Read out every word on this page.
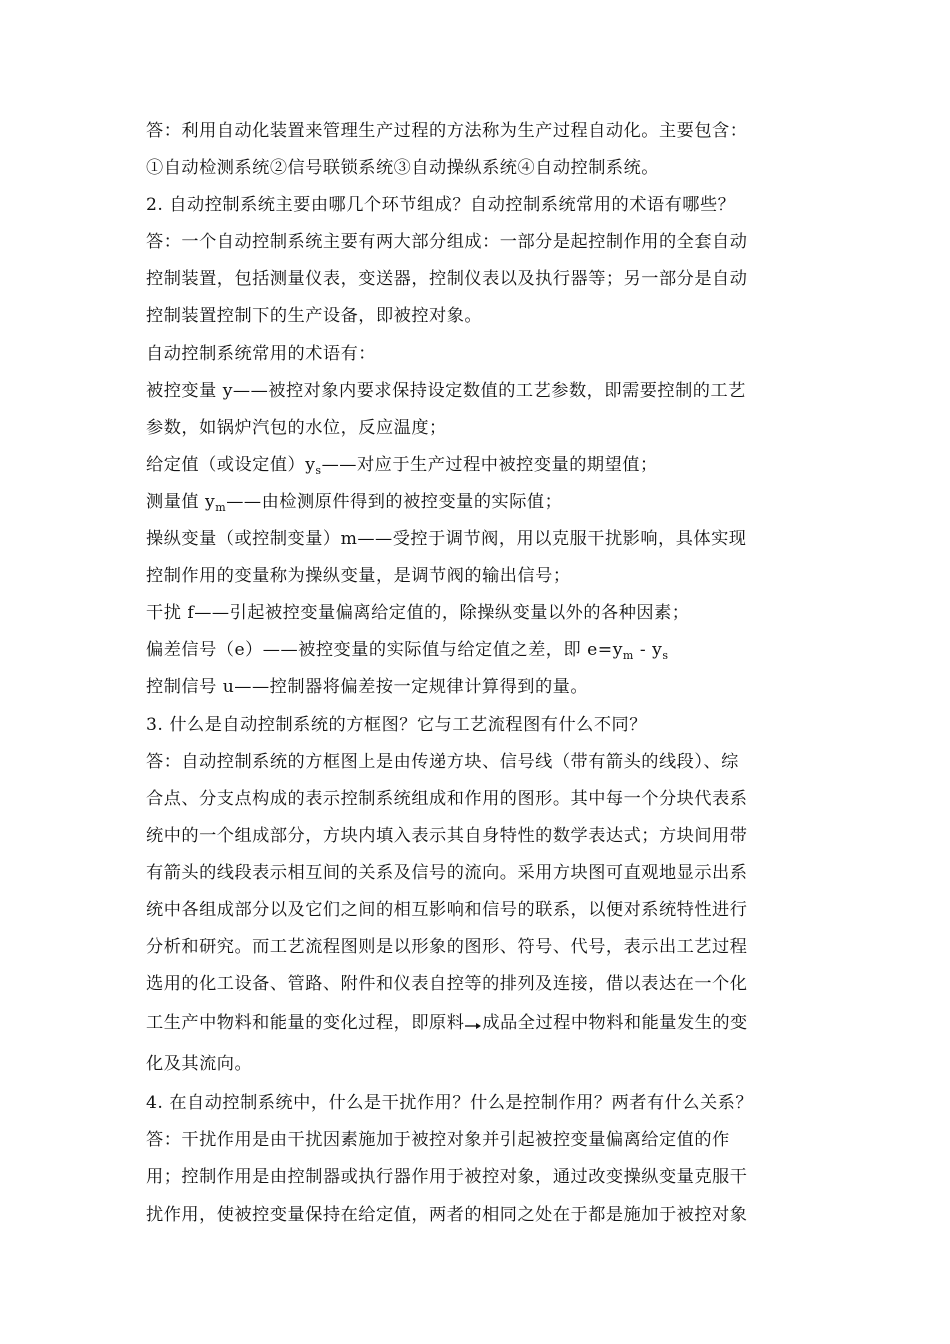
答：利用自动化装置来管理生产过程的方法称为生产过程自动化。主要包含：
①自动检测系统②信号联锁系统③自动操纵系统④自动控制系统。
2. 自动控制系统主要由哪几个环节组成？自动控制系统常用的术语有哪些？
答：一个自动控制系统主要有两大部分组成：一部分是起控制作用的全套自动
控制装置，包括测量仪表，变送器，控制仪表以及执行器等；另一部分是自动
控制装置控制下的生产设备，即被控对象。
自动控制系统常用的术语有：
被控变量 y——被控对象内要求保持设定数值的工艺参数，即需要控制的工艺
参数，如锅炉汽包的水位，反应温度；
给定值（或设定值）$y_s——$对应于生产过程中被控变量的期望值；
测量值 $y_m——$由检测原件得到的被控变量的实际值；
操纵变量（或控制变量）m——受控于调节阀，用以克服干扰影响，具体实现
控制作用的变量称为操纵变量，是调节阀的输出信号；
干扰 f——引起被控变量偏离给定值的，除操纵变量以外的各种因素；
偏差信号（e）——被控变量的实际值与给定值之差，即 $e=y_m - y_s$
控制信号 u——控制器将偏差按一定规律计算得到的量。
3. 什么是自动控制系统的方框图？它与工艺流程图有什么不同？
答：自动控制系统的方框图上是由传递方块、信号线（带有箭头的线段）、综
合点、分支点构成的表示控制系统组成和作用的图形。其中每一个分块代表系
统中的一个组成部分，方块内填入表示其自身特性的数学表达式；方块间用带
有箭头的线段表示相互间的关系及信号的流向。采用方块图可直观地显示出系
统中各组成部分以及它们之间的相互影响和信号的联系，以便对系统特性进行
分析和研究。而工艺流程图则是以形象的图形、符号、代号，表示出工艺过程
选用的化工设备、管路、附件和仪表自控等的排列及连接，借以表达在一个化
工生产中物料和能量的变化过程，即原料 成品全过程中物料和能量发生的变
化及其流向。
4. 在自动控制系统中，什么是干扰作用？什么是控制作用？两者有什么关系？
答：干扰作用是由干扰因素施加于被控对象并引起被控变量偏离给定值的作
用；控制作用是由控制器或执行器作用于被控对象，通过改变操纵变量克服干
扰作用，使被控变量保持在给定值，两者的相同之处在于都是施加于被控对象
